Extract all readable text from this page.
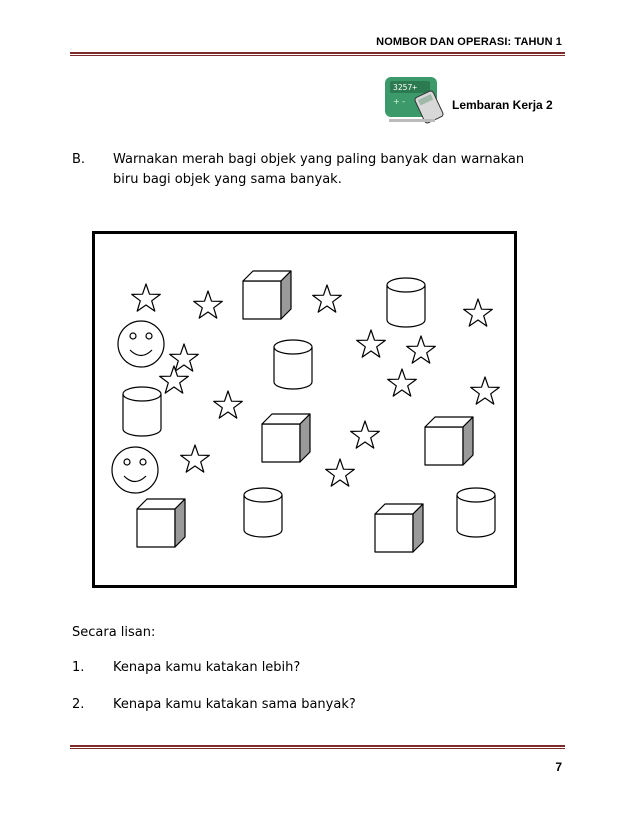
NOMBOR DAN OPERASI: TAHUN 1
3257+
+ -	Lembaran Kerja 2
B. Warnakan merah bagi objek yang paling banyak dan warnakan biru bagi objek yang sama banyak.
Secara lisan:
1. Kenapa kamu katakan lebih?
2. Kenapa kamu katakan sama banyak?
7
